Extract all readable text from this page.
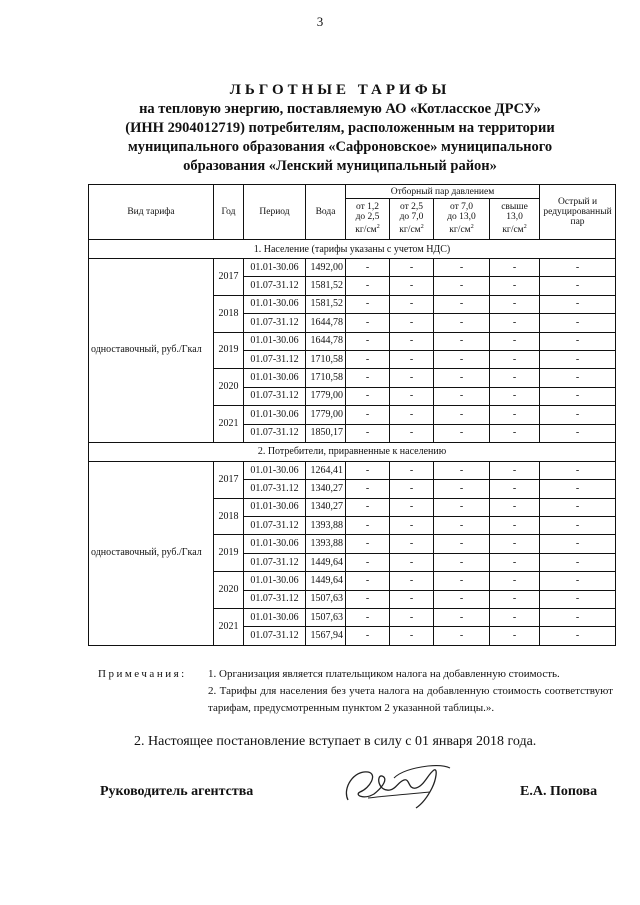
3
ЛЬГОТНЫЕ ТАРИФЫ
на тепловую энергию, поставляемую АО «Котласское ДРСУ»
(ИНН 2904012719) потребителям, расположенным на территории
муниципального образования «Сафроновское» муниципального
образования «Ленский муниципальный район»
Вид тарифа	Год	Период	Вода	Отборный пар давлением				Острый и редуцированный пар
				от 1,2
до 2,5
$кг/см^2$	от 2,5
до 7,0
$кг/см^2$	от 7,0
до 13,0
$кг/см^2$	свыше
13,0
$кг/см^2$
1. Население (тарифы указаны с учетом НДС)								
одноставочный, руб./Гкал	2017	01.01-30.06	1492,00	-	-	-	-	-
		01.07-31.12	1581,52	-	-	-	-	-
	2018	01.01-30.06	1581,52	-	-	-	-	-
		01.07-31.12	1644,78	-	-	-	-	-
	2019	01.01-30.06	1644,78	-	-	-	-	-
		01.07-31.12	1710,58	-	-	-	-	-
	2020	01.01-30.06	1710,58	-	-	-	-	-
		01.07-31.12	1779,00	-	-	-	-	-
	2021	01.01-30.06	1779,00	-	-	-	-	-
		01.07-31.12	1850,17	-	-	-	-	-
2. Потребители, приравненные к населению								
одноставочный, руб./Гкал	2017	01.01-30.06	1264,41	-	-	-	-	-
		01.07-31.12	1340,27	-	-	-	-	-
	2018	01.01-30.06	1340,27	-	-	-	-	-
		01.07-31.12	1393,88	-	-	-	-	-
	2019	01.01-30.06	1393,88	-	-	-	-	-
		01.07-31.12	1449,64	-	-	-	-	-
	2020	01.01-30.06	1449,64	-	-	-	-	-
		01.07-31.12	1507,63	-	-	-	-	-
	2021	01.01-30.06	1507,63	-	-	-	-	-
		01.07-31.12	1567,94	-	-	-	-	-
Примечания: 1. Организация является плательщиком налога на добавленную стоимость.
2. Тарифы для населения без учета налога на добавленную стоимость соответствуют тарифам, предусмотренным пунктом 2 указанной таблицы.».
2. Настоящее постановление вступает в силу с 01 января 2018 года.
Руководитель агентства	Е.А. Попова
